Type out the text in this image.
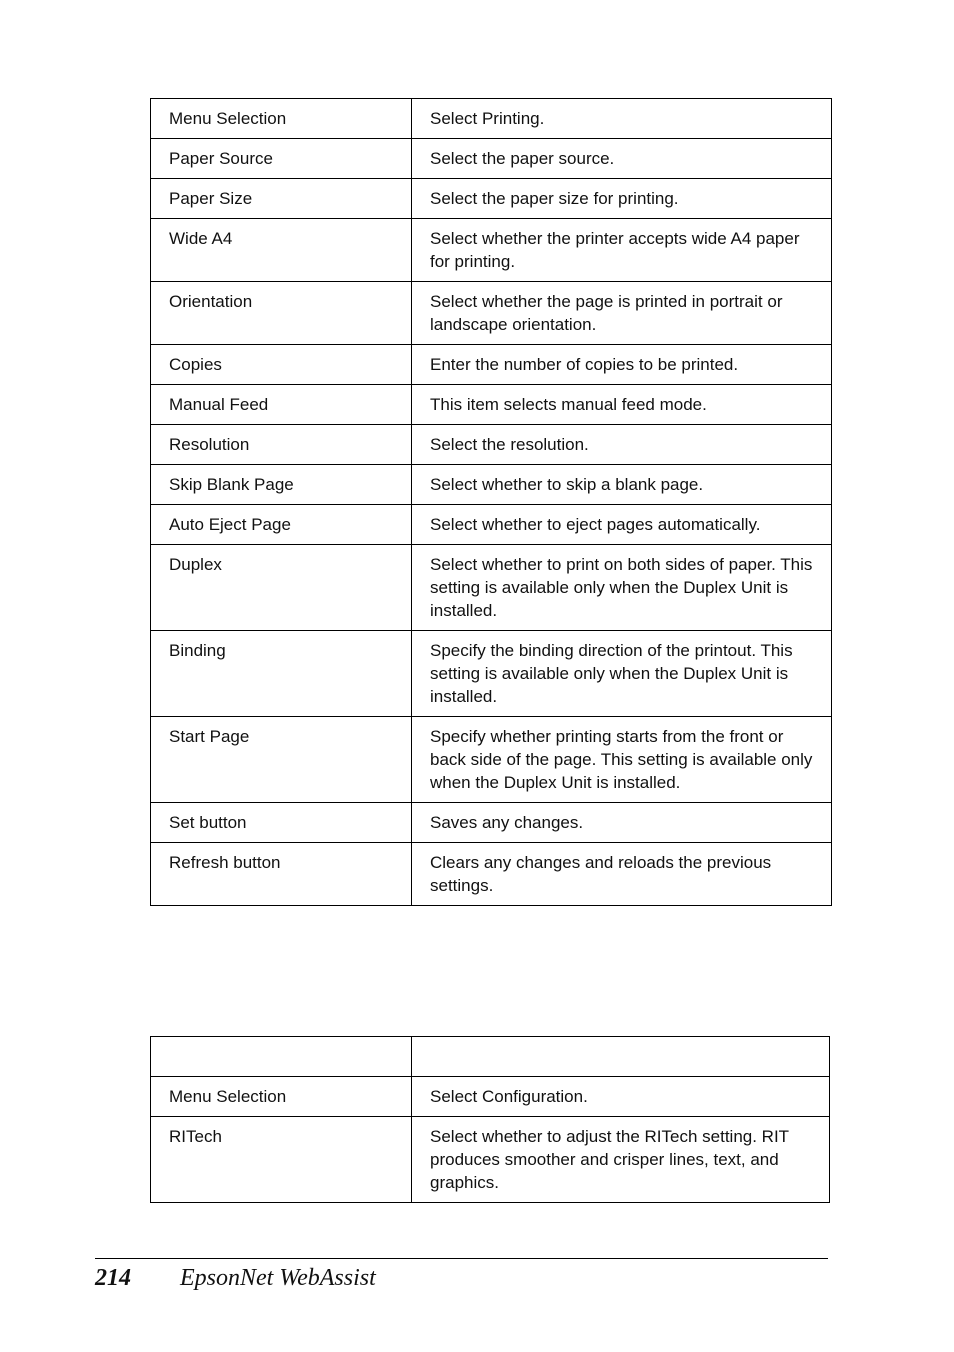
Menu Selection	Select Printing.
Paper Source	Select the paper source.
Paper Size	Select the paper size for printing.
Wide A4	Select whether the printer accepts wide A4 paper for printing.
Orientation	Select whether the page is printed in portrait or landscape orientation.
Copies	Enter the number of copies to be printed.
Manual Feed	This item selects manual feed mode.
Resolution	Select the resolution.
Skip Blank Page	Select whether to skip a blank page.
Auto Eject Page	Select whether to eject pages automatically.
Duplex	Select whether to print on both sides of paper. This setting is available only when the Duplex Unit is installed.
Binding	Specify the binding direction of the printout. This setting is available only when the Duplex Unit is installed.
Start Page	Specify whether printing starts from the front or back side of the page. This setting is available only when the Duplex Unit is installed.
Set button	Saves any changes.
Refresh button	Clears any changes and reloads the previous settings.

Menu Selection	Select Configuration.
RITech	Select whether to adjust the RITech setting. RIT produces smoother and crisper lines, text, and graphics.
214 EpsonNet WebAssist
